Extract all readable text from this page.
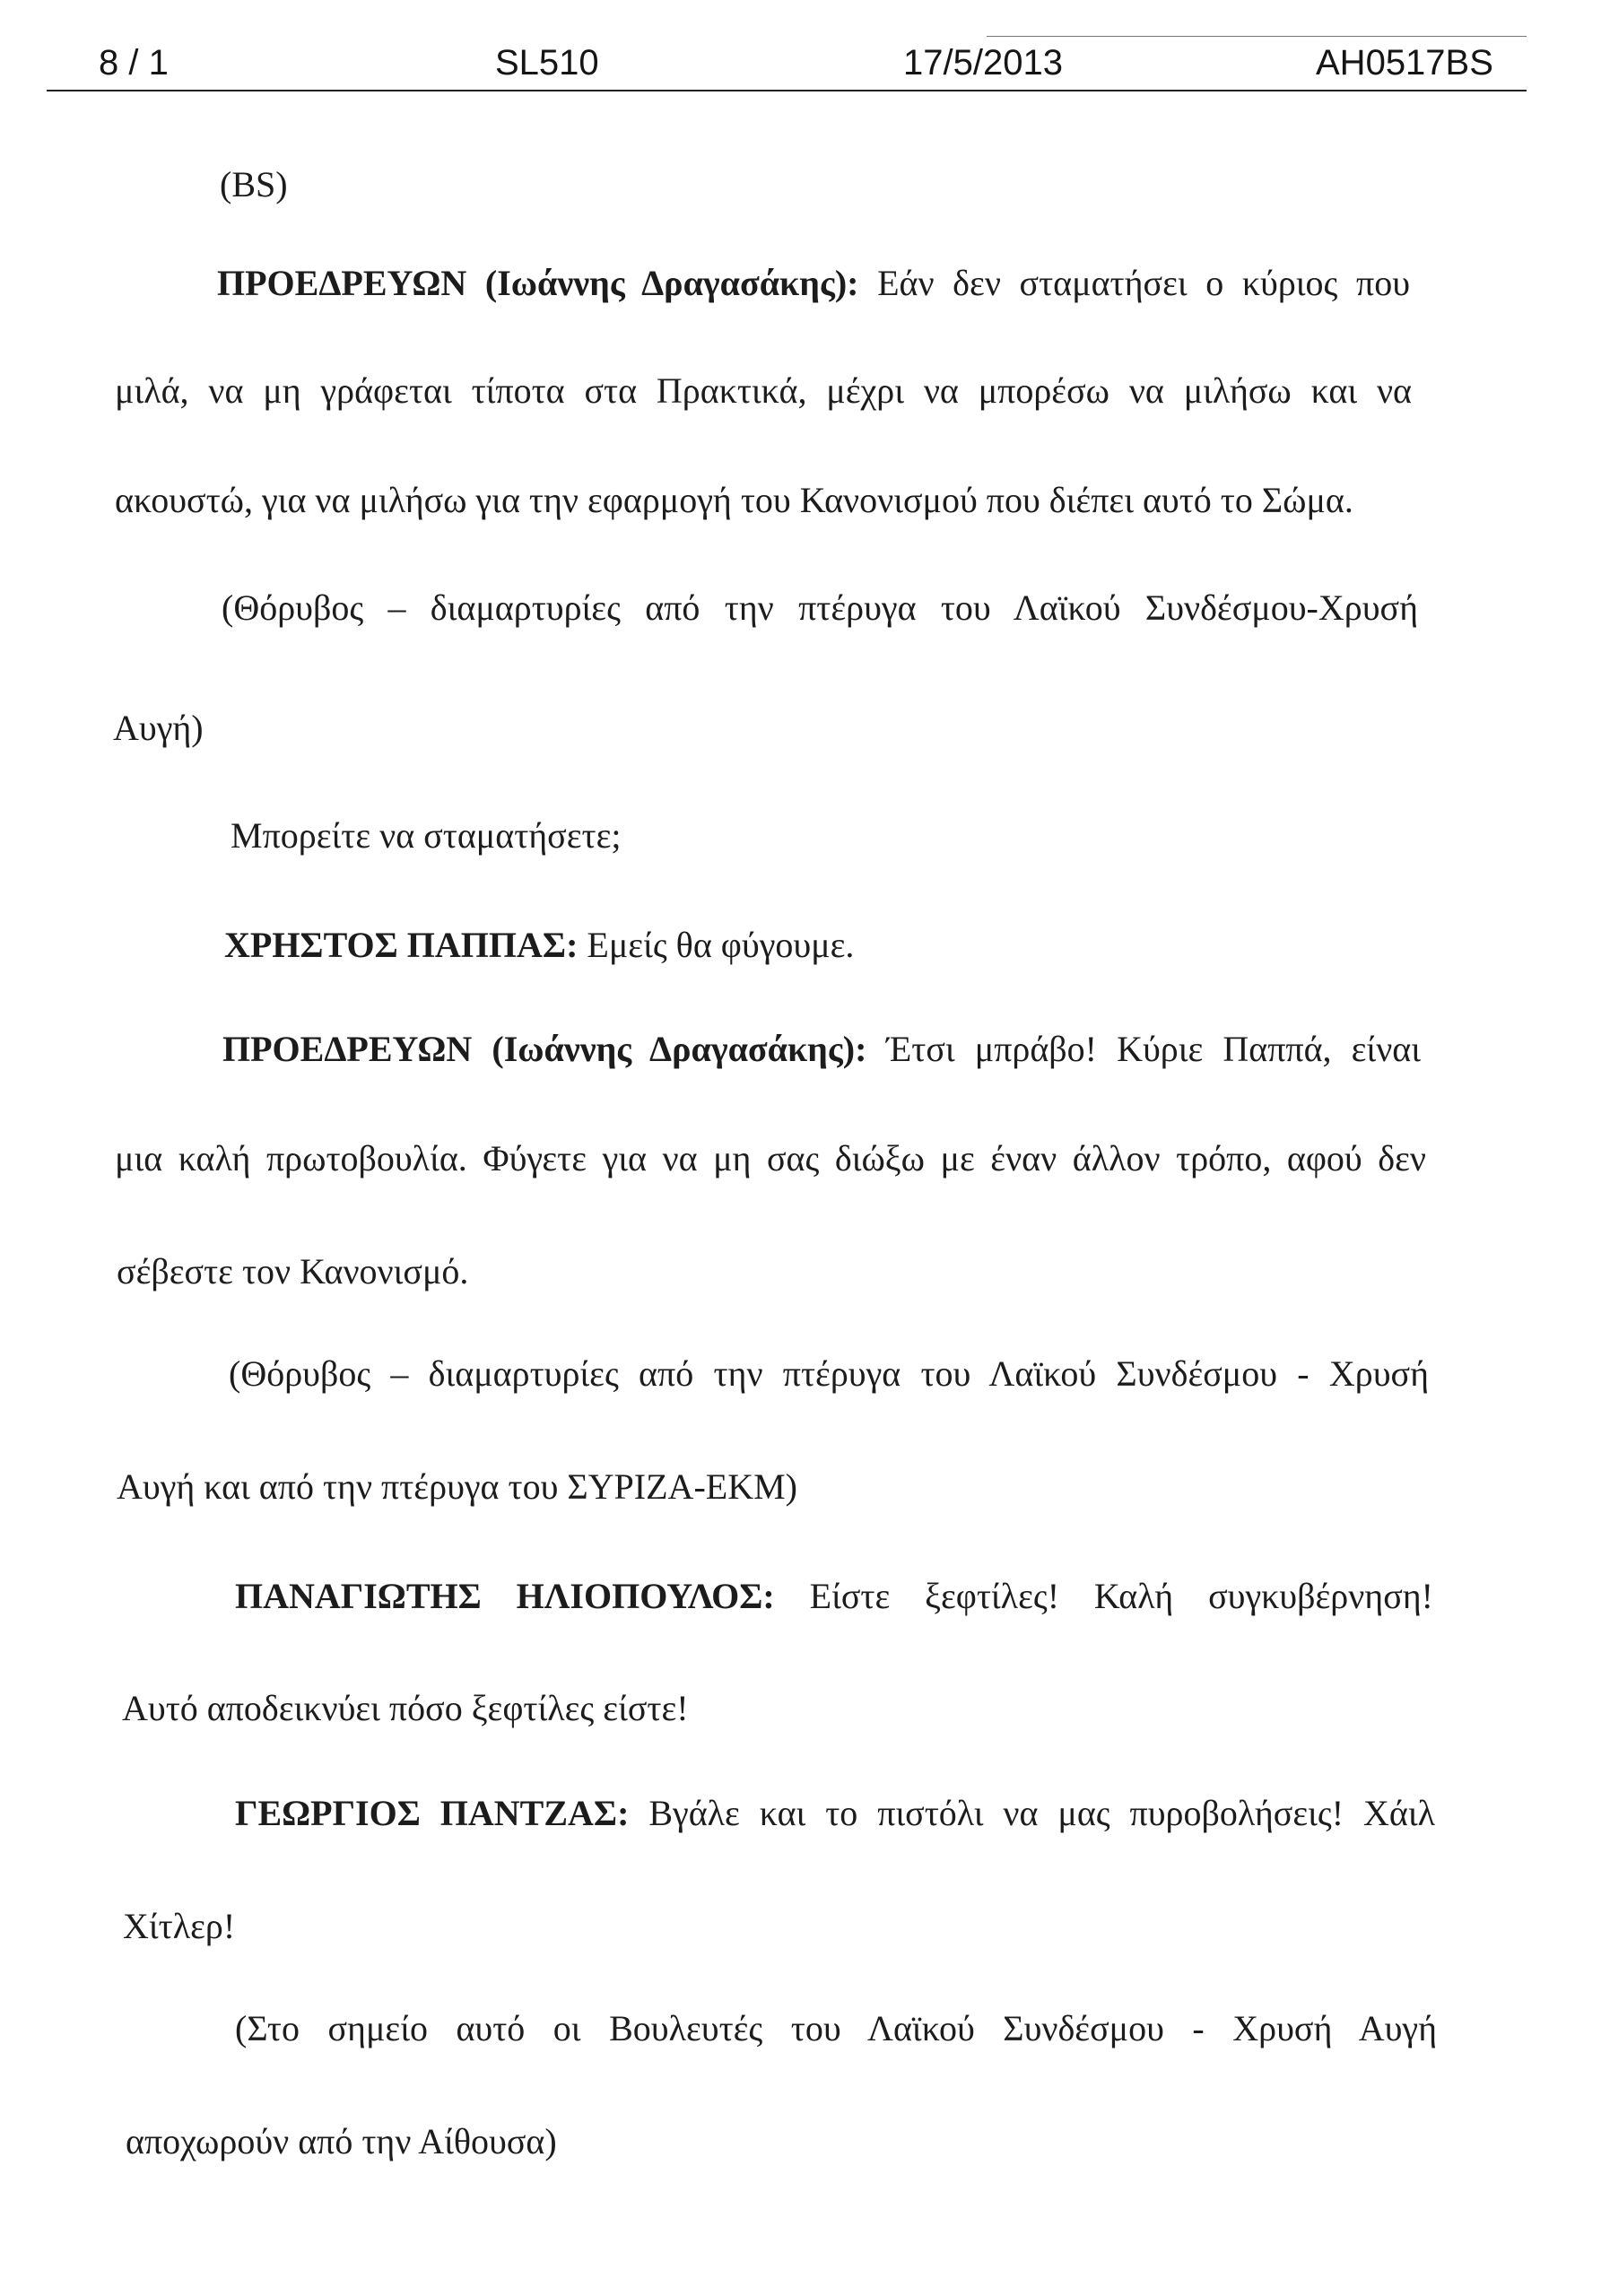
8 / 1	SL510	17/5/2013	AH0517BS
(BS)
ΠΡΟΕΔΡΕΥΩΝ (Ιωάννης Δραγασάκης): Εάν δεν σταματήσει ο κύριος που
μιλά, να μη γράφεται τίποτα στα Πρακτικά, μέχρι να μπορέσω να μιλήσω και να
ακουστώ, για να μιλήσω για την εφαρμογή του Κανονισμού που διέπει αυτό το Σώμα.
(Θόρυβος – διαμαρτυρίες από την πτέρυγα του Λαϊκού Συνδέσμου-Χρυσή
Αυγή)
Μπορείτε να σταματήσετε;
ΧΡΗΣΤΟΣ ΠΑΠΠΑΣ: Εμείς θα φύγουμε.
ΠΡΟΕΔΡΕΥΩΝ (Ιωάννης Δραγασάκης): Έτσι μπράβο! Κύριε Παππά, είναι
μια καλή πρωτοβουλία. Φύγετε για να μη σας διώξω με έναν άλλον τρόπο, αφού δεν
σέβεστε τον Κανονισμό.
(Θόρυβος – διαμαρτυρίες από την πτέρυγα του Λαϊκού Συνδέσμου - Χρυσή
Αυγή και από την πτέρυγα του ΣΥΡΙΖΑ-ΕΚΜ)
ΠΑΝΑΓΙΩΤΗΣ ΗΛΙΟΠΟΥΛΟΣ: Είστε ξεφτίλες! Καλή συγκυβέρνηση!
Αυτό αποδεικνύει πόσο ξεφτίλες είστε!
ΓΕΩΡΓΙΟΣ ΠΑΝΤΖΑΣ: Βγάλε και το πιστόλι να μας πυροβολήσεις! Χάιλ
Χίτλερ!
(Στο σημείο αυτό οι Βουλευτές του Λαϊκού Συνδέσμου - Χρυσή Αυγή
αποχωρούν από την Αίθουσα)
